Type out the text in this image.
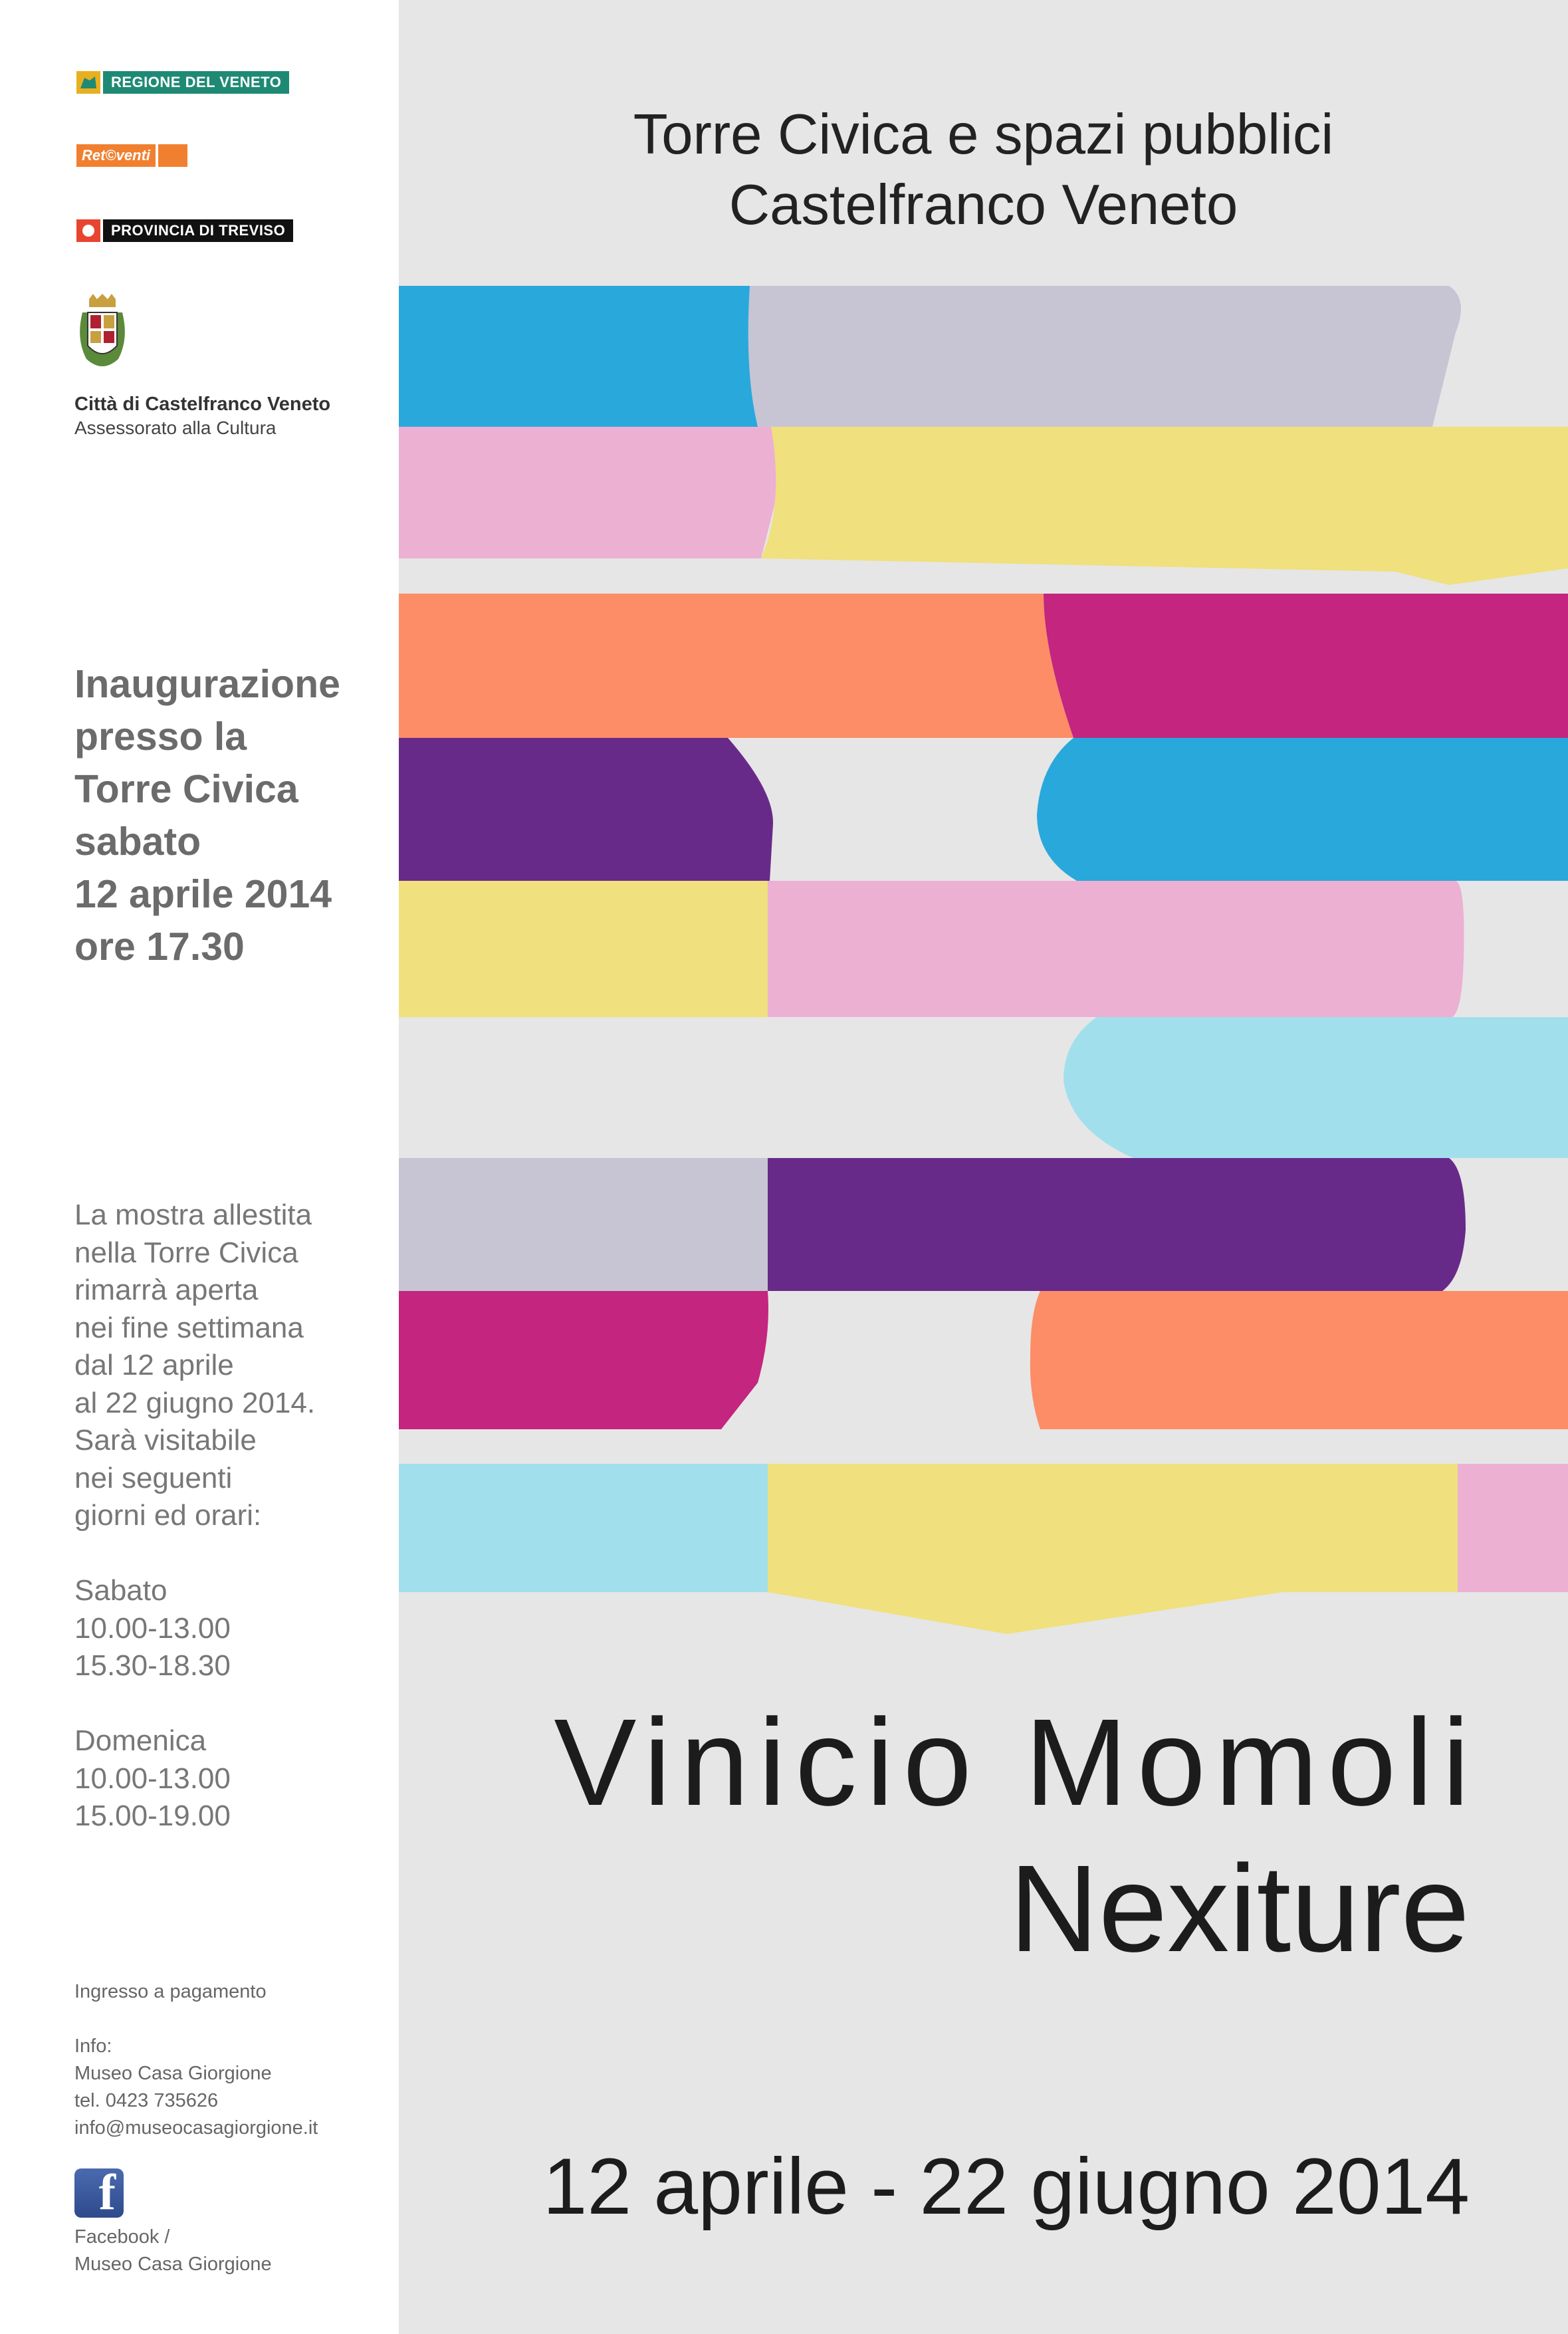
REGIONE DEL VENETO
Ret©venti
PROVINCIA DI TREVISO
Città di Castelfranco Veneto
Assessorato alla Cultura
Inaugurazione
presso la
Torre Civica
sabato
12 aprile 2014
ore 17.30
La mostra allestita
nella Torre Civica
rimarrà aperta
nei fine settimana
dal 12 aprile
al 22 giugno 2014.
Sarà visitabile
nei seguenti
giorni ed orari:
Sabato
10.00-13.00
15.30-18.30
Domenica
10.00-13.00
15.00-19.00
Ingresso a pagamento
Info:
Museo Casa Giorgione
tel. 0423 735626
info@museocasagiorgione.it
f
Facebook /
Museo Casa Giorgione
Torre Civica e spazi pubblici
Castelfranco Veneto
Vinicio Momoli
Nexiture
12 aprile - 22 giugno 2014
